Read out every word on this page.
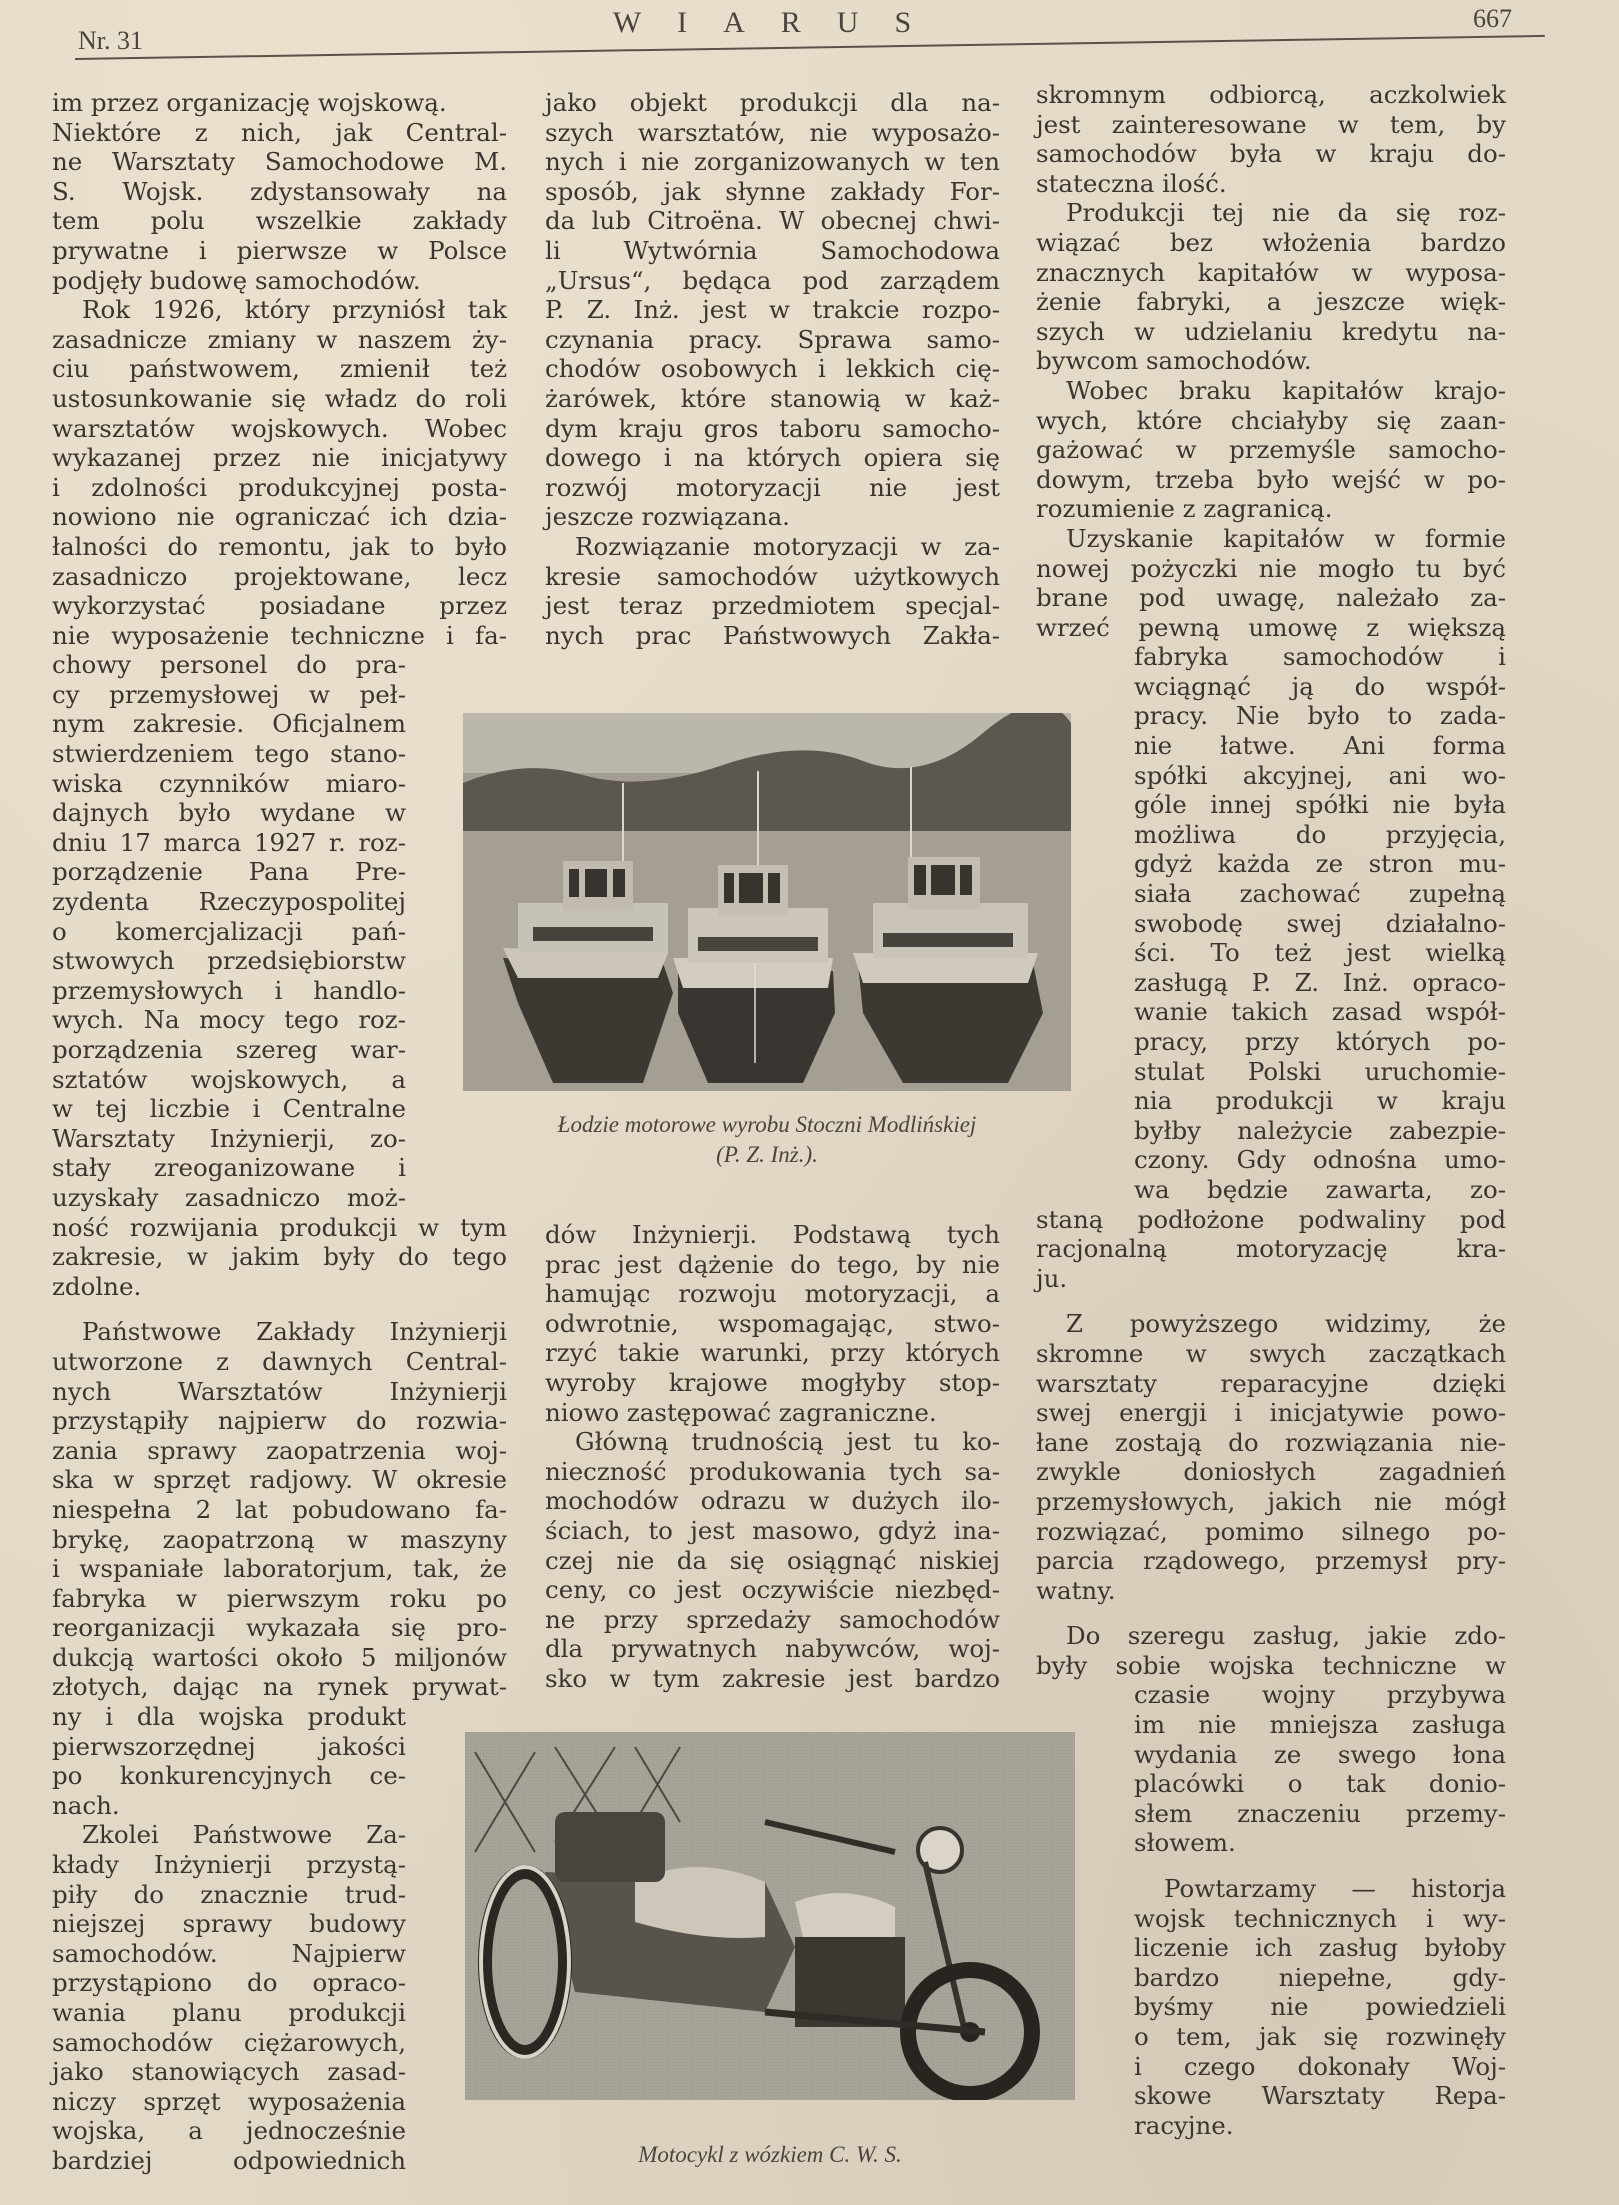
Nr. 31
WIARUS	667

im przez organizację wojskową.

Niektóre z nich, jak Central-

ne Warsztaty Samochodowe M.

S. Wojsk. zdystansowały na

tem polu wszelkie zakłady

prywatne i pierwsze w Polsce

podjęły budowę samochodów.

Rok 1926, który przyniósł tak

zasadnicze zmiany w naszem ży-

ciu państwowem, zmienił też

ustosunkowanie się władz do roli

warsztatów wojskowych. Wobec

wykazanej przez nie inicjatywy

i zdolności produkcyjnej posta-

nowiono nie ograniczać ich dzia-

łalności do remontu, jak to było

zasadniczo projektowane, lecz

wykorzystać posiadane przez

nie wyposażenie techniczne i fa-

chowy personel do pra-

cy przemysłowej w peł-

nym zakresie. Oficjalnem

stwierdzeniem tego stano-

wiska czynników miaro-

dajnych było wydane w

dniu 17 marca 1927 r. roz-

porządzenie Pana Pre-

zydenta Rzeczypospolitej

o komercjalizacji pań-

stwowych przedsiębiorstw

przemysłowych i handlo-

wych. Na mocy tego roz-

porządzenia szereg war-

sztatów wojskowych, a

w tej liczbie i Centralne

Warsztaty Inżynierji, zo-

stały zreoganizowane i

uzyskały zasadniczo moż-

ność rozwijania produkcji w tym

zakresie, w jakim były do tego

zdolne.

Państwowe Zakłady Inżynierji

utworzone z dawnych Central-

nych Warsztatów Inżynierji

przystąpiły najpierw do rozwia-

zania sprawy zaopatrzenia woj-

ska w sprzęt radjowy. W okresie

niespełna 2 lat pobudowano fa-

brykę, zaopatrzoną w maszyny

i wspaniałe laboratorjum, tak, że

fabryka w pierwszym roku po

reorganizacji wykazała się pro-

dukcją wartości około 5 miljonów

złotych, dając na rynek prywat-

ny i dla wojska produkt

pierwszorzędnej jakości

po konkurencyjnych ce-

nach.

Zkolei Państwowe Za-

kłady Inżynierji przystą-

piły do znacznie trud-

niejszej sprawy budowy

samochodów. Najpierw

przystąpiono do opraco-

wania planu produkcji

samochodów ciężarowych,

jako stanowiących zasad-

niczy sprzęt wyposażenia

wojska, a jednocześnie

bardziej odpowiednich

jako objekt produkcji dla na-

szych warsztatów, nie wyposażo-

nych i nie zorganizowanych w ten

sposób, jak słynne zakłady For-

da lub Citroëna. W obecnej chwi-

li Wytwórnia Samochodowa

„Ursus“, będąca pod zarządem

P. Z. Inż. jest w trakcie rozpo-

czynania pracy. Sprawa samo-

chodów osobowych i lekkich cię-

żarówek, które stanowią w każ-

dym kraju gros taboru samocho-

dowego i na których opiera się

rozwój motoryzacji nie jest

jeszcze rozwiązana.

Rozwiązanie motoryzacji w za-

kresie samochodów użytkowych

jest teraz przedmiotem specjal-

nych prac Państwowych Zakła-

dów Inżynierji. Podstawą tych

prac jest dążenie do tego, by nie

hamując rozwoju motoryzacji, a

odwrotnie, wspomagając, stwo-

rzyć takie warunki, przy których

wyroby krajowe mogłyby stop-

niowo zastępować zagraniczne.

Główną trudnością jest tu ko-

nieczność produkowania tych sa-

mochodów odrazu w dużych ilo-

ściach, to jest masowo, gdyż ina-

czej nie da się osiągnąć niskiej

ceny, co jest oczywiście niezbęd-

ne przy sprzedaży samochodów

dla prywatnych nabywców, woj-

sko w tym zakresie jest bardzo

skromnym odbiorcą, aczkolwiek

jest zainteresowane w tem, by

samochodów była w kraju do-

stateczna ilość.

Produkcji tej nie da się roz-

wiązać bez włożenia bardzo

znacznych kapitałów w wyposa-

żenie fabryki, a jeszcze więk-

szych w udzielaniu kredytu na-

bywcom samochodów.

Wobec braku kapitałów krajo-

wych, które chciałyby się zaan-

gażować w przemyśle samocho-

dowym, trzeba było wejść w po-

rozumienie z zagranicą.

Uzyskanie kapitałów w formie

nowej pożyczki nie mogło tu być

brane pod uwagę, należało za-

wrzeć pewną umowę z większą

fabryka samochodów i

wciągnąć ją do współ-

pracy. Nie było to zada-

nie łatwe. Ani forma

spółki akcyjnej, ani wo-

góle innej spółki nie była

możliwa do przyjęcia,

gdyż każda ze stron mu-

siała zachować zupełną

swobodę swej działalno-

ści. To też jest wielką

zasługą P. Z. Inż. opraco-

wanie takich zasad współ-

pracy, przy których po-

stulat Polski uruchomie-

nia produkcji w kraju

byłby należycie zabezpie-

czony. Gdy odnośna umo-

wa będzie zawarta, zo-

staną podłożone podwaliny pod

racjonalną motoryzację kra-

ju.

Z powyższego widzimy, że

skromne w swych zaczątkach

warsztaty reparacyjne dzięki

swej energji i inicjatywie powo-

łane zostają do rozwiązania nie-

zwykle doniosłych zagadnień

przemysłowych, jakich nie mógł

rozwiązać, pomimo silnego po-

parcia rządowego, przemysł pry-

watny.

Do szeregu zasług, jakie zdo-

były sobie wojska techniczne w

czasie wojny przybywa

im nie mniejsza zasługa

wydania ze swego łona

placówki o tak donio-

słem znaczeniu przemy-

słowem.

Powtarzamy — historja

wojsk technicznych i wy-

liczenie ich zasług byłoby

bardzo niepełne, gdy-

byśmy nie powiedzieli

o tem, jak się rozwinęły

i czego dokonały Woj-

skowe Warsztaty Repa-

racyjne.

Łodzie motorowe wyrobu Stoczni Modlińskiej
(P. Z. Inż.).
Motocykl z wózkiem C. W. S.
